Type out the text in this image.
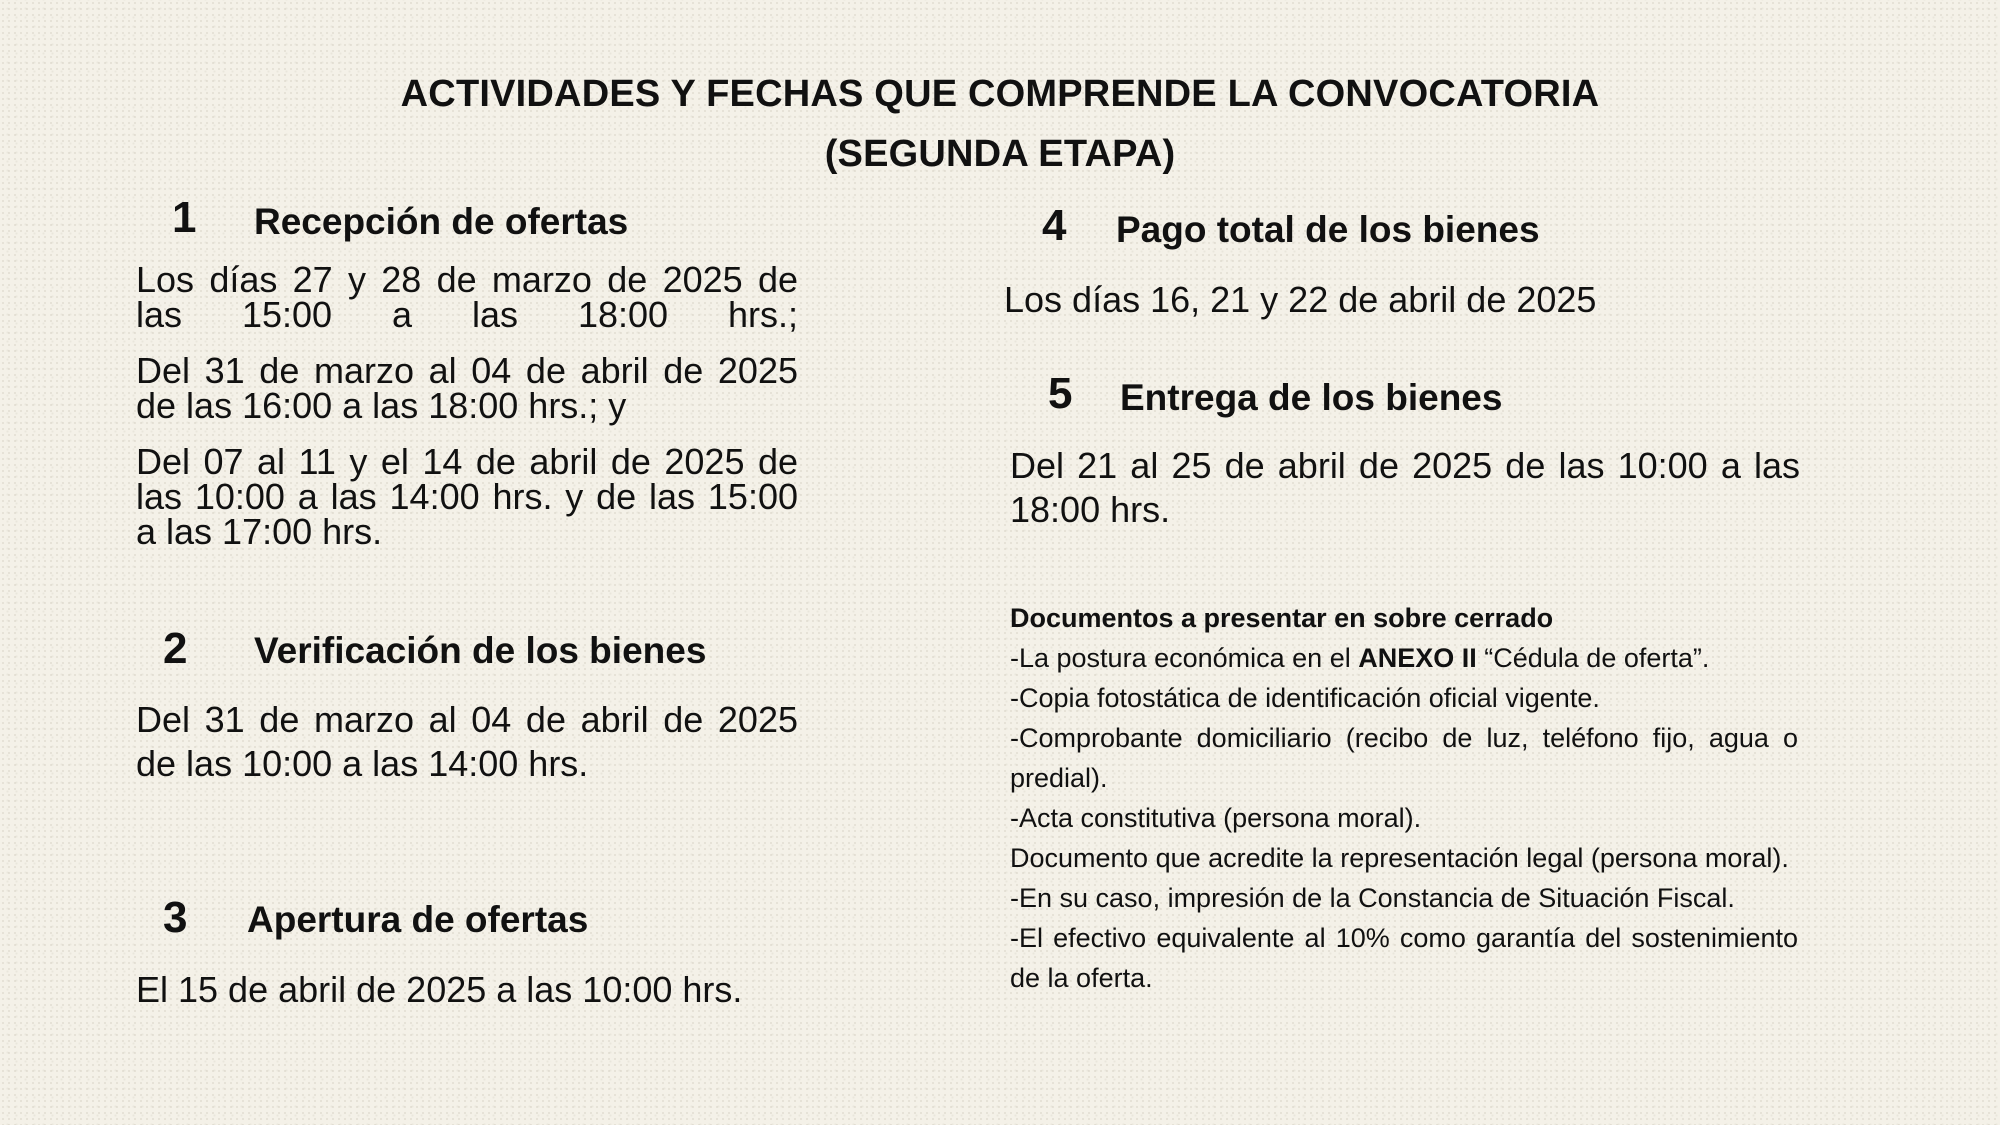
ACTIVIDADES Y FECHAS QUE COMPRENDE LA CONVOCATORIA
(SEGUNDA ETAPA)
1 Recepción de ofertas
Los días 27 y 28 de marzo de 2025 de las 15:00 a las 18:00 hrs.;
Del 31 de marzo al 04 de abril de 2025 de las 16:00 a las 18:00 hrs.; y
Del 07 al 11 y el 14 de abril de 2025 de las 10:00 a las 14:00 hrs. y de las 15:00 a las 17:00 hrs.
2 Verificación de los bienes
Del 31 de marzo al 04 de abril de 2025 de las 10:00 a las 14:00 hrs.
3 Apertura de ofertas
El 15 de abril de 2025 a las 10:00 hrs.
4 Pago total de los bienes
Los días 16, 21 y 22 de abril de 2025
5 Entrega de los bienes
Del 21 al 25 de abril de 2025 de las 10:00 a las 18:00 hrs.
Documentos a presentar en sobre cerrado
-La postura económica en el ANEXO II “Cédula de oferta”.
-Copia fotostática de identificación oficial vigente.
-Comprobante domiciliario (recibo de luz, teléfono fijo, agua o predial).
-Acta constitutiva (persona moral).
Documento que acredite la representación legal (persona moral).
-En su caso, impresión de la Constancia de Situación Fiscal.
-El efectivo equivalente al 10% como garantía del sostenimiento de la oferta.
